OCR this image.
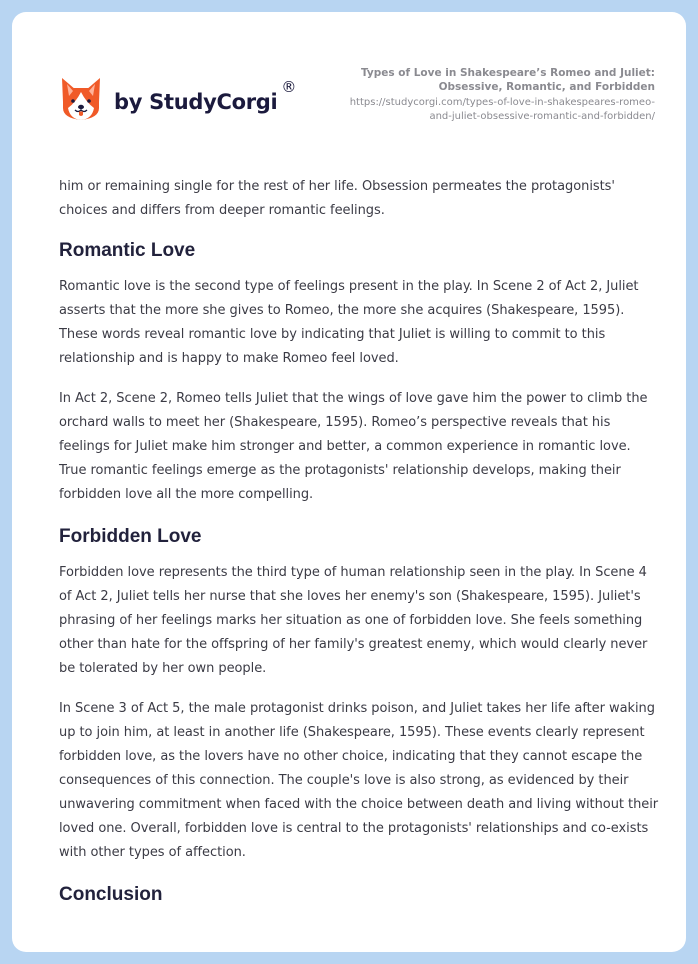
by StudyCorgi
®
Types of Love in Shakespeare’s Romeo and Juliet:
Obsessive, Romantic, and Forbidden
https://studycorgi.com/types-of-love-in-shakespeares-romeo-
and-juliet-obsessive-romantic-and-forbidden/

him or remaining single for the rest of her life. Obsession permeates the protagonists' choices and differs from deeper romantic feelings.

Romantic Love

Romantic love is the second type of feelings present in the play. In Scene 2 of Act 2, Juliet asserts that the more she gives to Romeo, the more she acquires (Shakespeare, 1595). These words reveal romantic love by indicating that Juliet is willing to commit to this relationship and is happy to make Romeo feel loved.

In Act 2, Scene 2, Romeo tells Juliet that the wings of love gave him the power to climb the orchard walls to meet her (Shakespeare, 1595). Romeo’s perspective reveals that his feelings for Juliet make him stronger and better, a common experience in romantic love. True romantic feelings emerge as the protagonists' relationship develops, making their forbidden love all the more compelling.

Forbidden Love

Forbidden love represents the third type of human relationship seen in the play. In Scene 4 of Act 2, Juliet tells her nurse that she loves her enemy's son (Shakespeare, 1595). Juliet's phrasing of her feelings marks her situation as one of forbidden love. She feels something other than hate for the offspring of her family's greatest enemy, which would clearly never be tolerated by her own people.

In Scene 3 of Act 5, the male protagonist drinks poison, and Juliet takes her life after waking up to join him, at least in another life (Shakespeare, 1595). These events clearly represent forbidden love, as the lovers have no other choice, indicating that they cannot escape the consequences of this connection. The couple's love is also strong, as evidenced by their unwavering commitment when faced with the choice between death and living without their loved one. Overall, forbidden love is central to the protagonists' relationships and co-exists with other types of affection.

Conclusion
